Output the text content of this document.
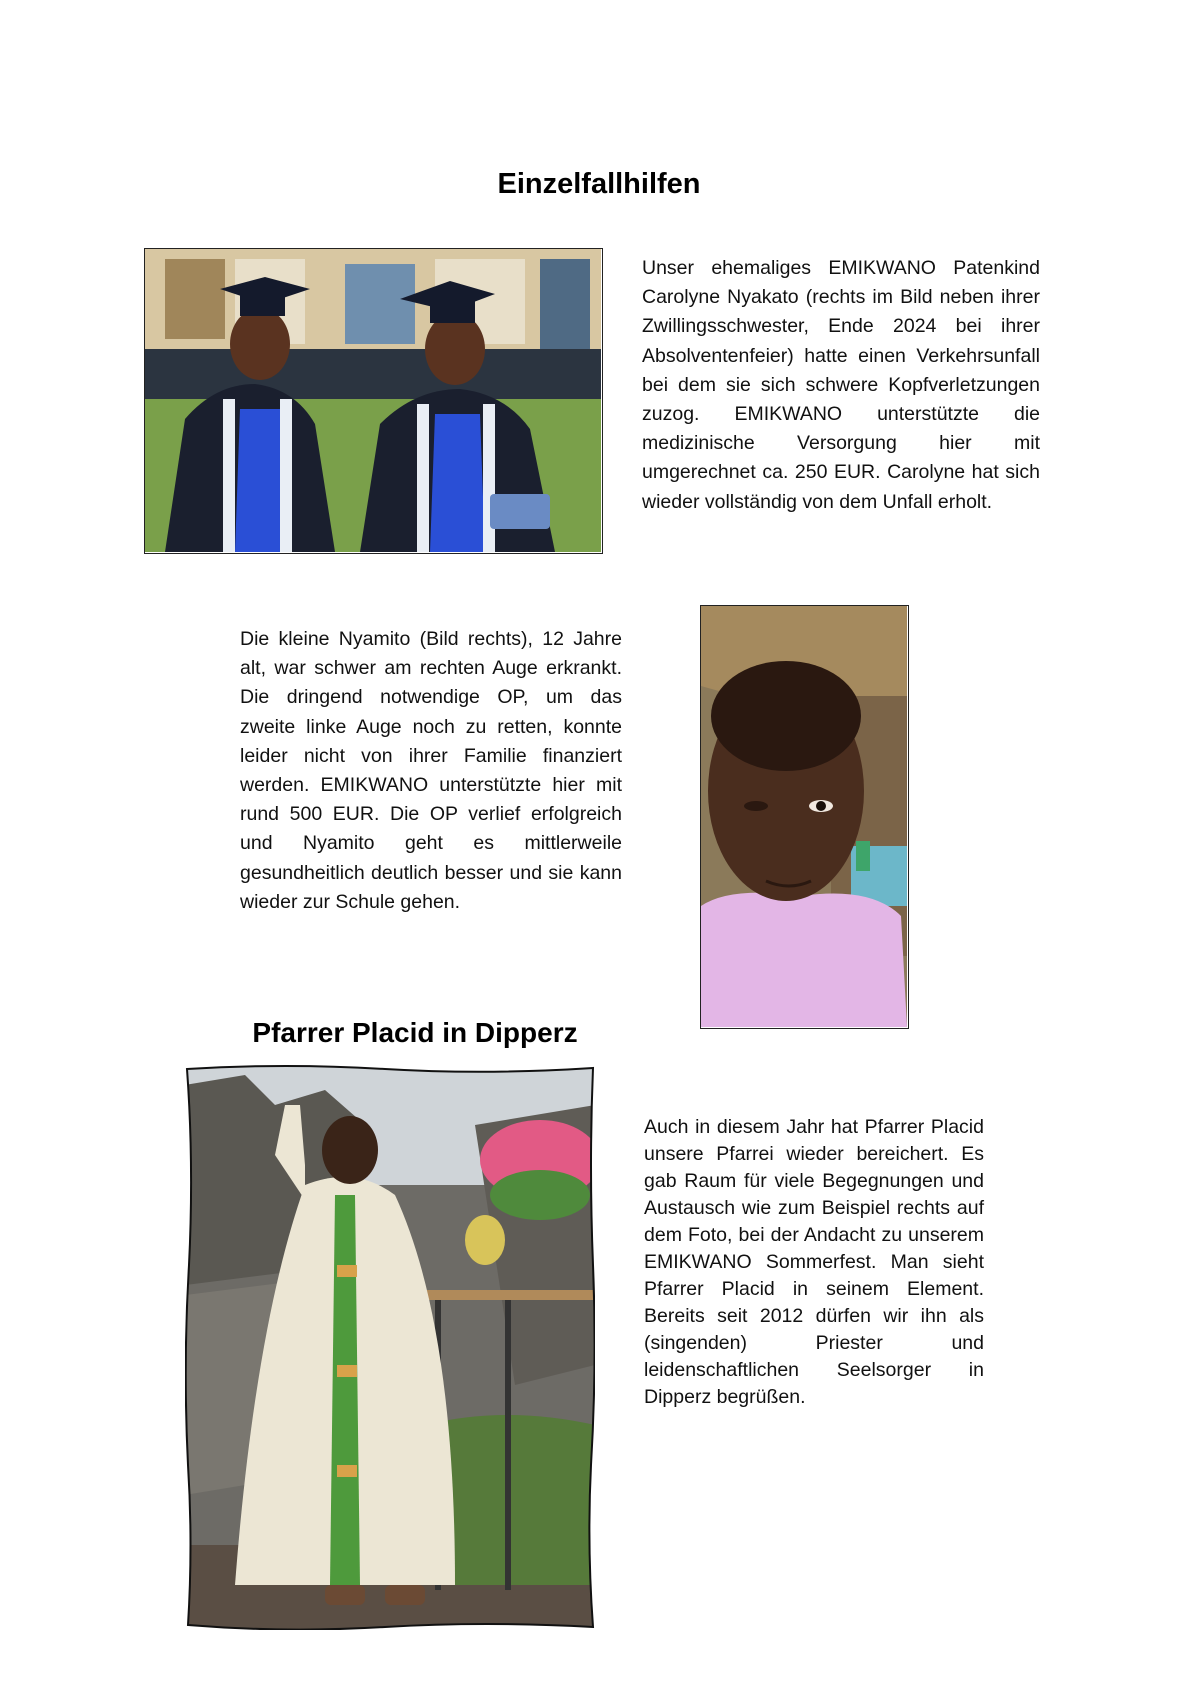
Einzelfallhilfen

Unser ehemaliges EMIKWANO Patenkind Carolyne Nyakato (rechts im Bild neben ihrer Zwillingsschwester, Ende 2024 bei ihrer Absolventenfeier) hatte einen Verkehrsunfall bei dem sie sich schwere Kopfverletzungen zuzog. EMIKWANO unterstützte die medizinische Versorgung hier mit umgerechnet ca. 250 EUR. Carolyne hat sich wieder vollständig von dem Unfall erholt.

Die kleine Nyamito (Bild rechts), 12 Jahre alt, war schwer am rechten Auge erkrankt. Die dringend notwendige OP, um das zweite linke Auge noch zu retten, konnte leider nicht von ihrer Familie finanziert werden. EMIKWANO unterstützte hier mit rund 500 EUR. Die OP verlief erfolgreich und Nyamito geht es mittlerweile gesundheitlich deutlich besser und sie kann wieder zur Schule gehen.

Pfarrer Placid in Dipperz

Auch in diesem Jahr hat Pfarrer Placid unsere Pfarrei wieder bereichert. Es gab Raum für viele Begegnungen und Austausch wie zum Beispiel rechts auf dem Foto, bei der Andacht zu unserem EMIKWANO Sommerfest. Man sieht Pfarrer Placid in seinem Element. Bereits seit 2012 dürfen wir ihn als (singenden) Priester und leidenschaftlichen Seelsorger in Dipperz begrüßen.
